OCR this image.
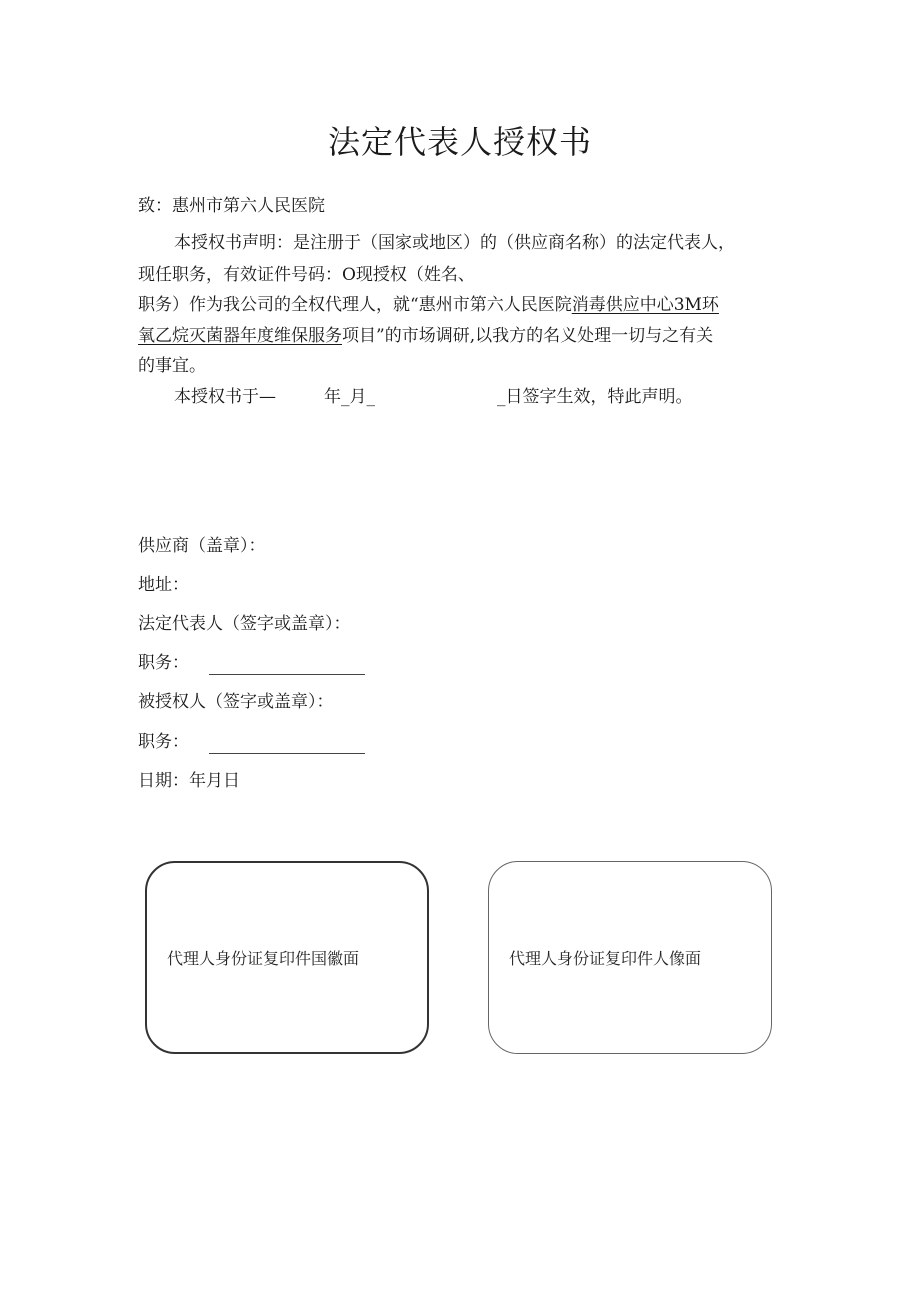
法定代表人授权书
致：惠州市第六人民医院
本授权书声明：是注册于（国家或地区）的（供应商名称）的法定代表人，
现任职务，有效证件号码：O现授权（姓名、
职务）作为我公司的全权代理人，就“惠州市第六人民医院消毒供应中心3M环
氧乙烷灭菌器年度维保服务项目”的市场调研,以我方的名义处理一切与之有关
的事宜。
本授权书于—	年_月_	_日签字生效，特此声明。
供应商（盖章）：
地址：
法定代表人（签字或盖章）：
职务：
被授权人（签字或盖章）：
职务：
日期：年月日
代理人身份证复印件国徽面	代理人身份证复印件人像面
